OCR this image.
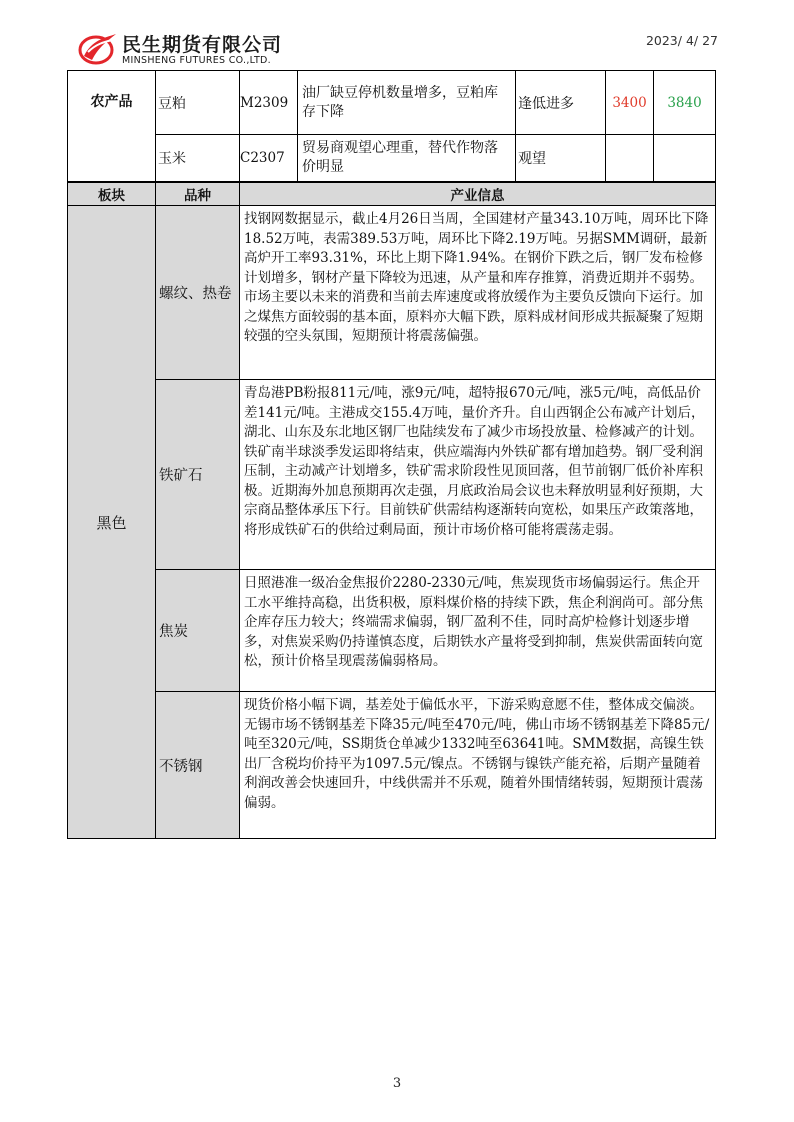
民生期货有限公司
MINSHENG FUTURES CO.,LTD.
2023/ 4/ 27
农产品	豆粕	M2309	油厂缺豆停机数量增多，豆粕库存下降	逢低进多	3400	3840
	玉米	C2307	贸易商观望心理重，替代作物落价明显	观望		
板块	品种	产业信息
黑色	螺纹、热卷	找钢网数据显示，截止4月26日当周，全国建材产量343.10万吨，周环比下降18.52万吨，表需389.53万吨，周环比下降2.19万吨。另据SMM调研，最新高炉开工率93.31%，环比上期下降1.94%。在钢价下跌之后，钢厂发布检修计划增多，钢材产量下降较为迅速，从产量和库存推算，消费近期并不弱势。市场主要以未来的消费和当前去库速度或将放缓作为主要负反馈向下运行。加之煤焦方面较弱的基本面，原料亦大幅下跌，原料成材间形成共振凝聚了短期较强的空头氛围，短期预计将震荡偏强。
	铁矿石	青岛港PB粉报811元/吨，涨9元/吨，超特报670元/吨，涨5元/吨，高低品价差141元/吨。主港成交155.4万吨，量价齐升。自山西钢企公布减产计划后，湖北、山东及东北地区钢厂也陆续发布了减少市场投放量、检修减产的计划。铁矿南半球淡季发运即将结束，供应端海内外铁矿都有增加趋势。钢厂受利润压制，主动减产计划增多，铁矿需求阶段性见顶回落，但节前钢厂低价补库积极。近期海外加息预期再次走强，月底政治局会议也未释放明显利好预期，大宗商品整体承压下行。目前铁矿供需结构逐渐转向宽松，如果压产政策落地，将形成铁矿石的供给过剩局面，预计市场价格可能将震荡走弱。
	焦炭	日照港准一级冶金焦报价2280-2330元/吨，焦炭现货市场偏弱运行。焦企开工水平维持高稳，出货积极，原料煤价格的持续下跌，焦企利润尚可。部分焦企库存压力较大；终端需求偏弱，钢厂盈利不佳，同时高炉检修计划逐步增多，对焦炭采购仍持谨慎态度，后期铁水产量将受到抑制，焦炭供需面转向宽松，预计价格呈现震荡偏弱格局。
	不锈钢	现货价格小幅下调，基差处于偏低水平，下游采购意愿不佳，整体成交偏淡。无锡市场不锈钢基差下降35元/吨至470元/吨，佛山市场不锈钢基差下降85元/吨至320元/吨，SS期货仓单减少1332吨至63641吨。SMM数据，高镍生铁出厂含税均价持平为1097.5元/镍点。不锈钢与镍铁产能充裕，后期产量随着利润改善会快速回升，中线供需并不乐观，随着外围情绪转弱，短期预计震荡偏弱。
3
